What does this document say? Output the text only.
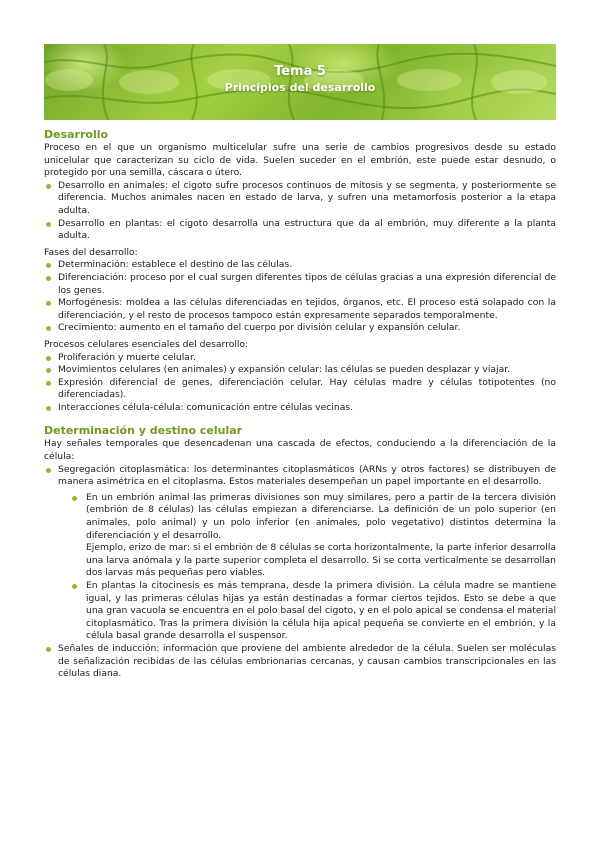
Tema 5
Principios del desarrollo
Desarrollo

Proceso en el que un organismo multicelular sufre una serie de cambios progresivos desde su estado unicelular que caracterizan su ciclo de vida. Suelen suceder en el embrión, este puede estar desnudo, o protegido por una semilla, cáscara o útero.

Desarrollo en animales: el cigoto sufre procesos continuos de mitosis y se segmenta, y posteriormente se diferencia. Muchos animales nacen en estado de larva, y sufren una metamorfosis posterior a la etapa adulta.
Desarrollo en plantas: el cigoto desarrolla una estructura que da al embrión, muy diferente a la planta adulta.

Fases del desarrollo:

Determinación: establece el destino de las células.
Diferenciación: proceso por el cual surgen diferentes tipos de células gracias a una expresión diferencial de los genes.
Morfogénesis: moldea a las células diferenciadas en tejidos, órganos, etc. El proceso está solapado con la diferenciación, y el resto de procesos tampoco están expresamente separados temporalmente.
Crecimiento: aumento en el tamaño del cuerpo por división celular y expansión celular.

Procesos celulares esenciales del desarrollo:

Proliferación y muerte celular.
Movimientos celulares (en animales) y expansión celular: las células se pueden desplazar y viajar.
Expresión diferencial de genes, diferenciación celular. Hay células madre y células totipotentes (no diferenciadas).
Interacciones célula-célula: comunicación entre células vecinas.
Determinación y destino celular

Hay señales temporales que desencadenan una cascada de efectos, conduciendo a la diferenciación de la célula:

Segregación citoplasmática: los determinantes citoplasmáticos (ARNs y otros factores) se distribuyen de manera asimétrica en el citoplasma. Estos materiales desempeñan un papel importante en el desarrollo.
En un embrión animal las primeras divisiones son muy similares, pero a partir de la tercera división (embrión de 8 células) las células empiezan a diferenciarse. La definición de un polo superior (en animales, polo animal) y un polo inferior (en animales, polo vegetativo) distintos determina la diferenciación y el desarrollo.

Ejemplo, erizo de mar: si el embrión de 8 células se corta horizontalmente, la parte inferior desarrolla una larva anómala y la parte superior completa el desarrollo. Si se corta verticalmente se desarrollan dos larvas más pequeñas pero viables.

En plantas la citocinesis es más temprana, desde la primera división. La célula madre se mantiene igual, y las primeras células hijas ya están destinadas a formar ciertos tejidos. Esto se debe a que una gran vacuola se encuentra en el polo basal del cigoto, y en el polo apical se condensa el material citoplasmático. Tras la primera división la célula hija apical pequeña se convierte en el embrión, y la célula basal grande desarrolla el suspensor.
Señales de inducción: información que proviene del ambiente alrededor de la célula. Suelen ser moléculas de señalización recibidas de las células embrionarias cercanas, y causan cambios transcripcionales en las células diana.
